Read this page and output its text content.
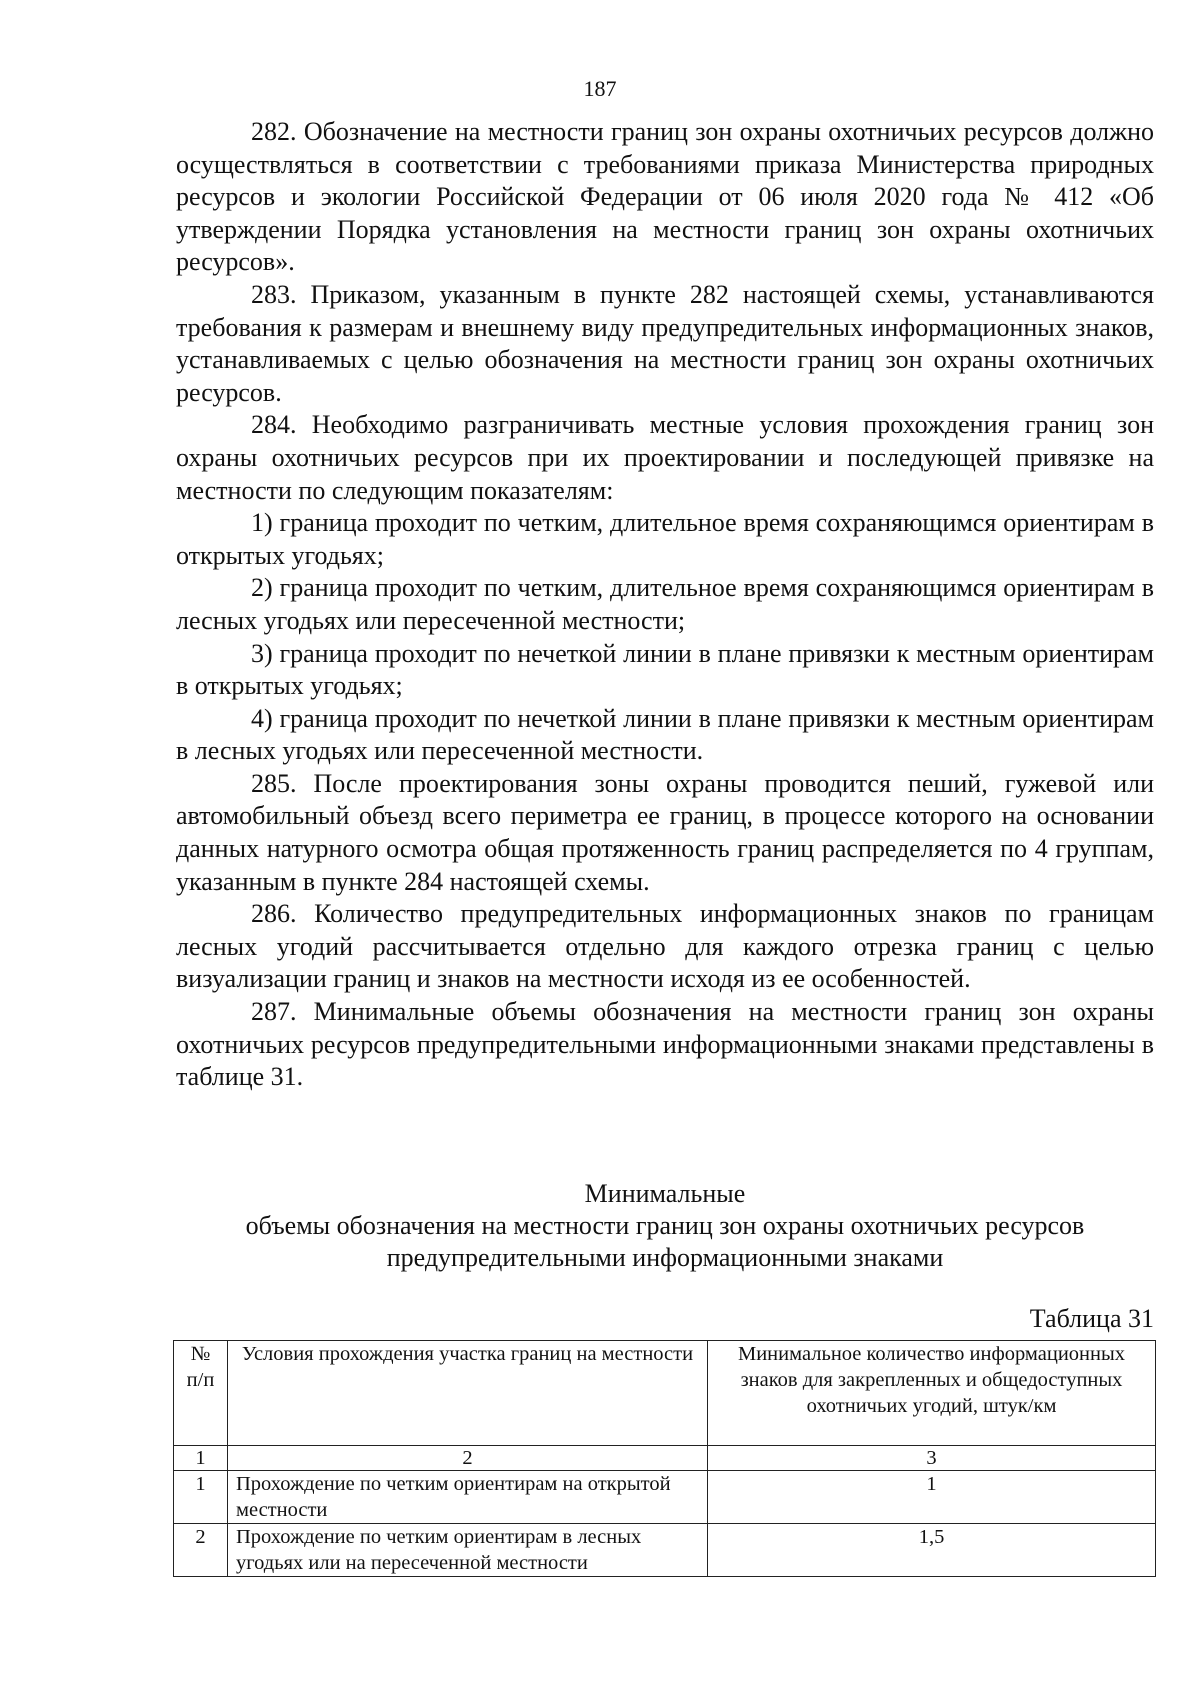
187

282. Обозначение на местности границ зон охраны охотничьих ресурсов должно осуществляться в соответствии с требованиями приказа Министерства природных ресурсов и экологии Российской Федерации от 06 июля 2020 года № 412 «Об утверждении Порядка установления на местности границ зон охраны охотничьих ресурсов».

283. Приказом, указанным в пункте 282 настоящей схемы, устанавливаются требования к размерам и внешнему виду предупредительных информационных знаков, устанавливаемых с целью обозначения на местности границ зон охраны охотничьих ресурсов.

284. Необходимо разграничивать местные условия прохождения границ зон охраны охотничьих ресурсов при их проектировании и последующей привязке на местности по следующим показателям:

1) граница проходит по четким, длительное время сохраняющимся ориентирам в открытых угодьях;

2) граница проходит по четким, длительное время сохраняющимся ориентирам в лесных угодьях или пересеченной местности;

3) граница проходит по нечеткой линии в плане привязки к местным ориентирам в открытых угодьях;

4) граница проходит по нечеткой линии в плане привязки к местным ориентирам в лесных угодьях или пересеченной местности.

285. После проектирования зоны охраны проводится пеший, гужевой или автомобильный объезд всего периметра ее границ, в процессе которого на основании данных натурного осмотра общая протяженность границ распределяется по 4 группам, указанным в пункте 284 настоящей схемы.

286. Количество предупредительных информационных знаков по границам лесных угодий рассчитывается отдельно для каждого отрезка границ с целью визуализации границ и знаков на местности исходя из ее особенностей.

287. Минимальные объемы обозначения на местности границ зон охраны охотничьих ресурсов предупредительными информационными знаками представлены в таблице 31.

Минимальные
объемы обозначения на местности границ зон охраны охотничьих ресурсов
предупредительными информационными знаками
Таблица 31
№ п/п	Условия прохождения участка границ на местности	Минимальное количество информационных знаков для закрепленных и общедоступных охотничьих угодий, штук/км
1	2	3
1	Прохождение по четким ориентирам на открытой местности	1
2	Прохождение по четким ориентирам в лесных угодьях или на пересеченной местности	1,5
